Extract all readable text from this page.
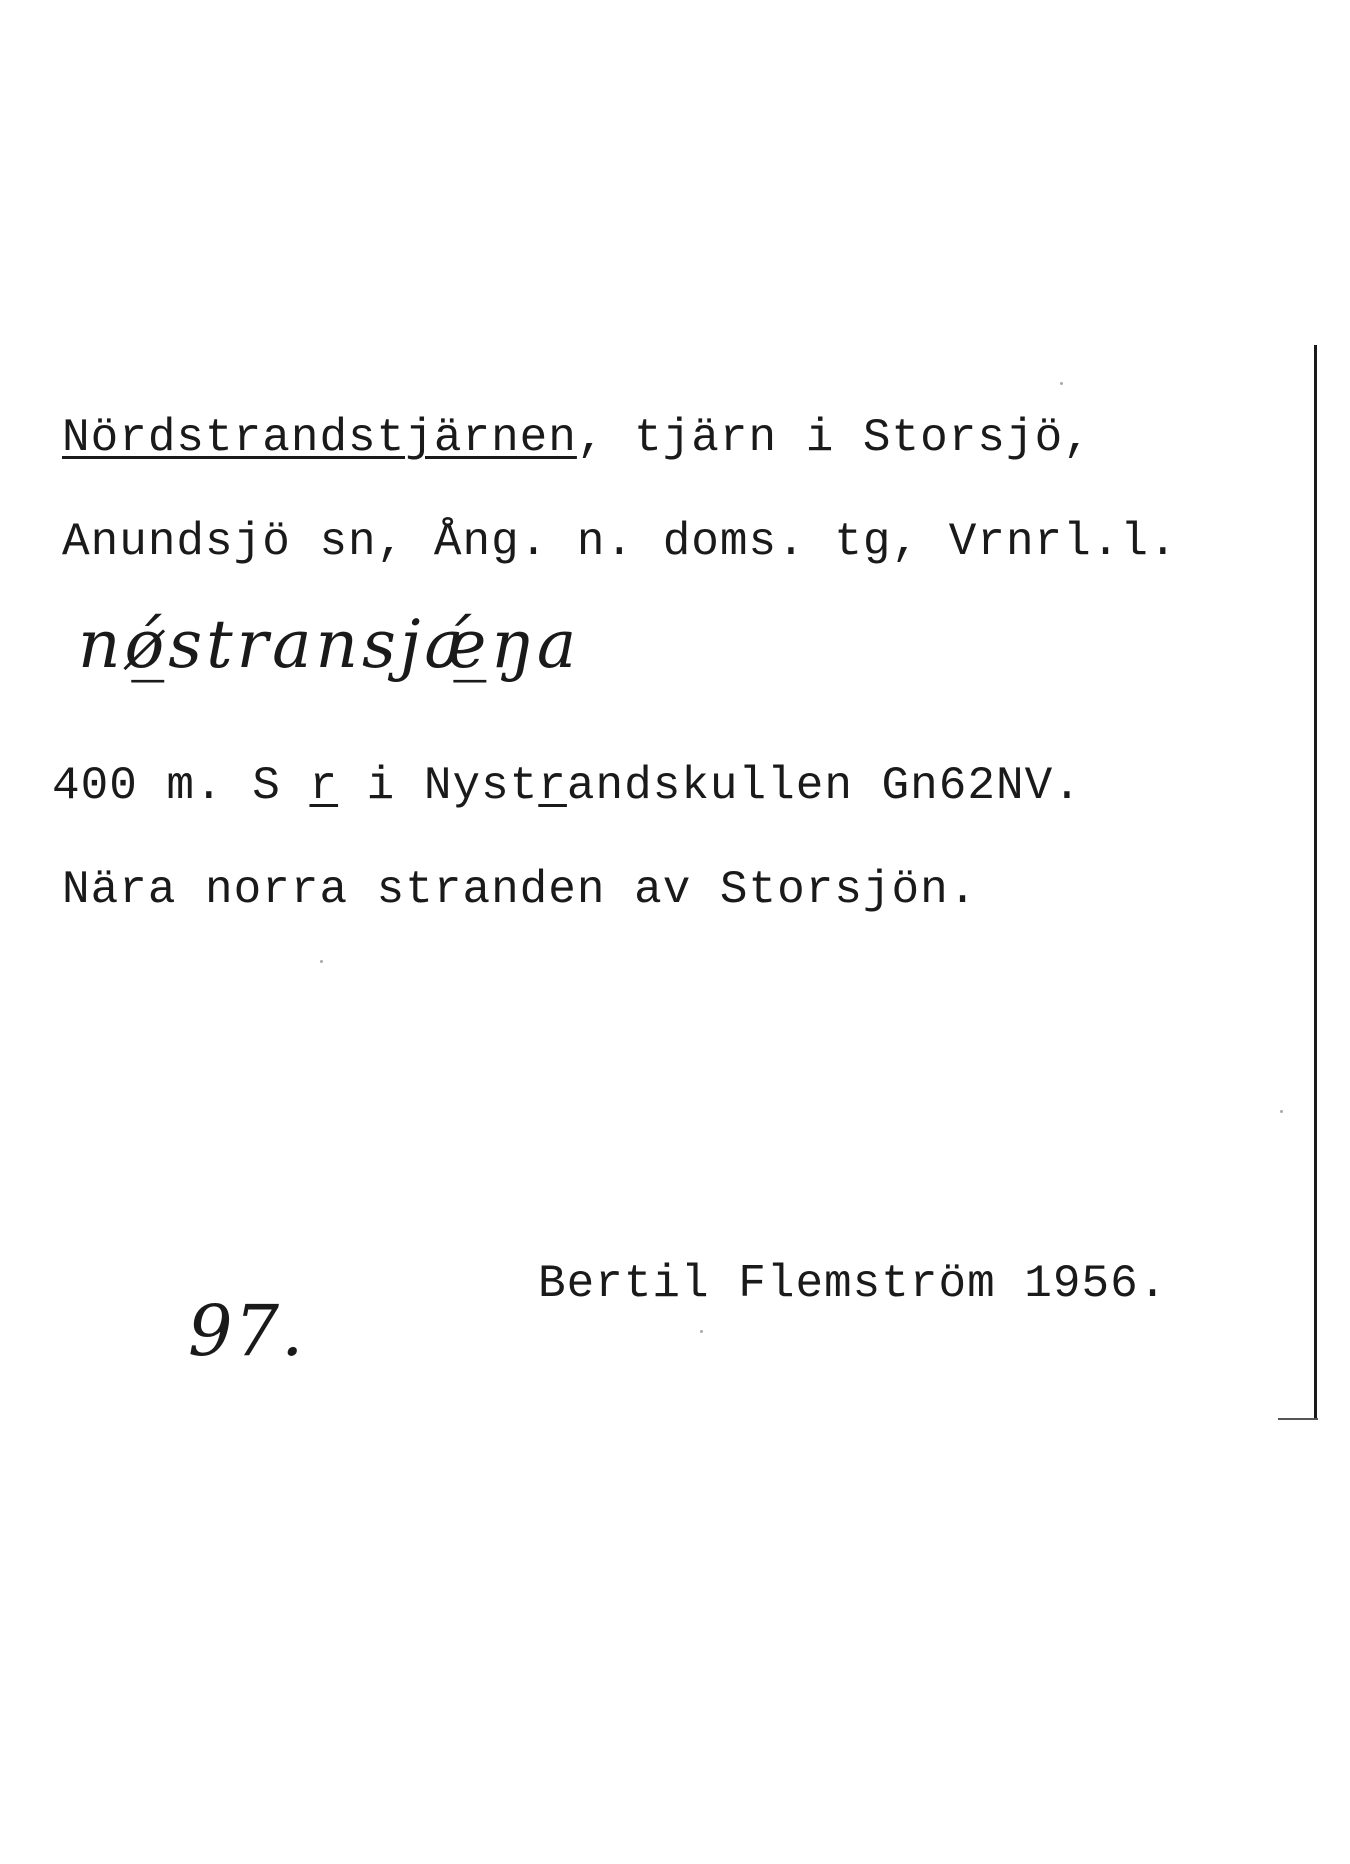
Nördstrandstjärnen, tjärn i Storsjö,
Anundsjö sn, Ång. n. doms. tg, Vrnrl.l.
nǿ̲stransjǽ̲ŋa
400 m. S r i Nystrandskullen Gn62NV.
Nära norra stranden av Storsjön.
Bertil Flemström 1956.
97.
